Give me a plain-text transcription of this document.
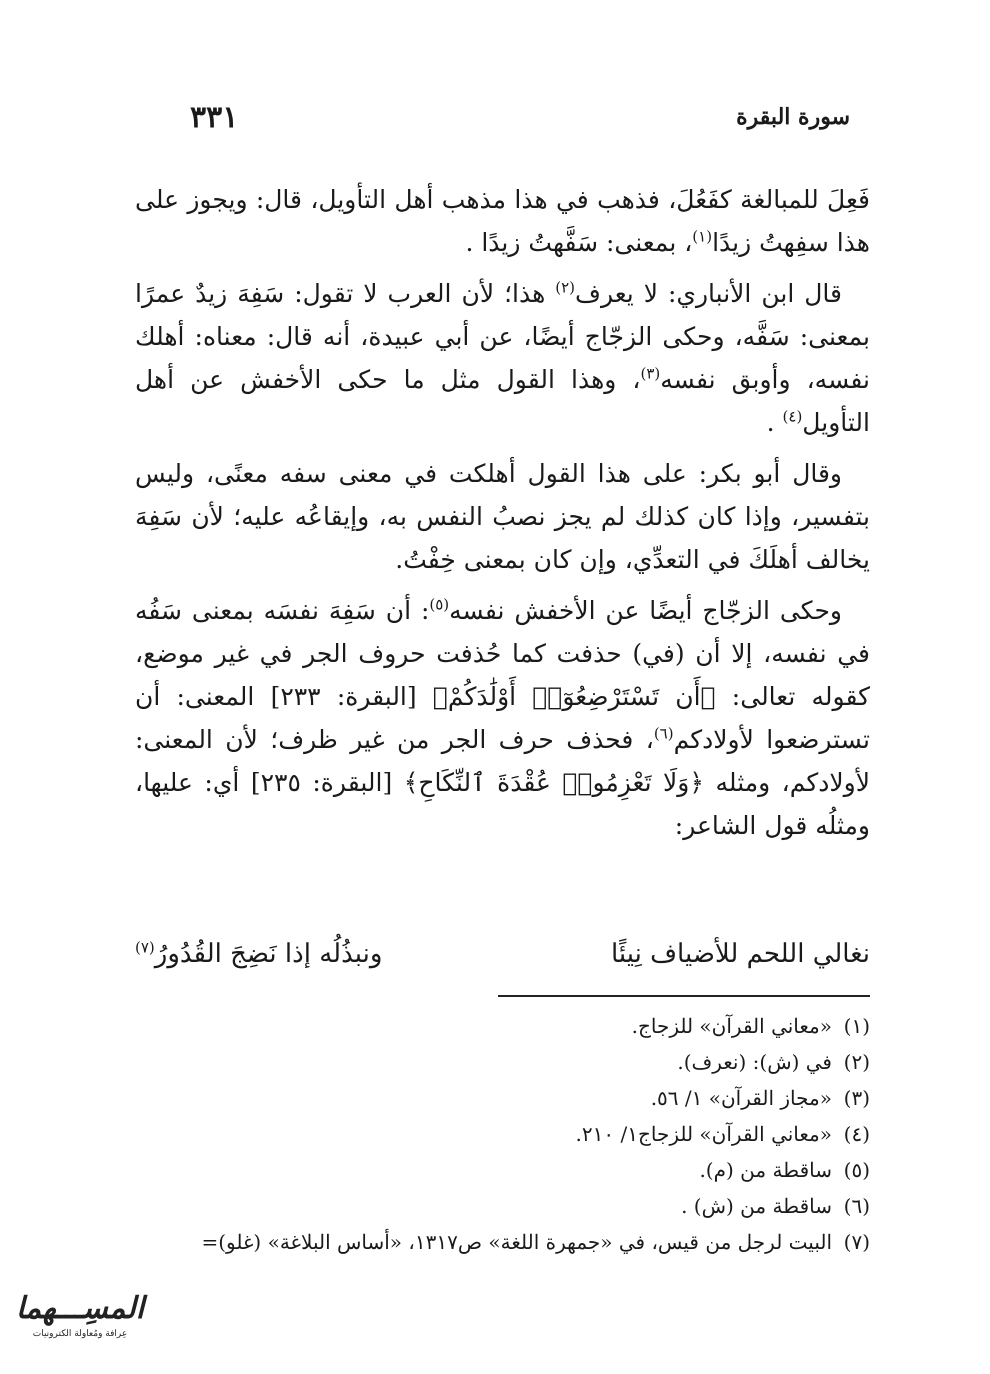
سورة البقرة
٣٣١

فَعِلَ للمبالغة كفَعُلَ، فذهب في هذا مذهب أهل التأويل، قال: ويجوز على هذا سفِهتُ زيدًا$^{(١)}$، بمعنى: سَفَّهتُ زيدًا .

قال ابن الأنباري: لا يعرف$^{(٢)}$ هذا؛ لأن العرب لا تقول: سَفِهَ زيدٌ عمرًا بمعنى: سَفَّه، وحكى الزجّاج أيضًا، عن أبي عبيدة، أنه قال: معناه: أهلك نفسه، وأوبق نفسه$^{(٣)}$، وهذا القول مثل ما حكى الأخفش عن أهل التأويل$^{(٤)}$ .

وقال أبو بكر: على هذا القول أهلكت في معنى سفه معنًى، وليس بتفسير، وإذا كان كذلك لم يجز نصبُ النفس به، وإيقاعُه عليه؛ لأن سَفِهَ يخالف أهلَكَ في التعدِّي، وإن كان بمعنى خِفْتُ.

وحكى الزجّاج أيضًا عن الأخفش نفسه$^{(٥)}$: أن سَفِهَ نفسَه بمعنى سَفُه في نفسه، إلا أن (في) حذفت كما حُذفت حروف الجر في غير موضع، كقوله تعالى: ﴿أَن تَسْتَرْضِعُوٓا۟ أَوْلَٰدَكُمْ﴾ [البقرة: ٢٣٣] المعنى: أن تسترضعوا لأولادكم$^{(٦)}$، فحذف حرف الجر من غير ظرف؛ لأن المعنى: لأولادكم، ومثله ﴿وَلَا تَعْزِمُوا۟ عُقْدَةَ ٱلنِّكَاحِ﴾ [البقرة: ٢٣٥] أي: عليها، ومثلُه قول الشاعر:

نغالي اللحم للأضياف نِيئًا
ونبذُلُه إذا نَضِجَ القُدُورُ$^{(٧)}$
(١)«معاني القرآن» للزجاج.
(٢)في (ش): (نعرف).
(٣)«مجاز القرآن» ١/ ٥٦.
(٤)«معاني القرآن» للزجاج١/ ٢١٠.
(٥)ساقطة من (م).
(٦)ساقطة من (ش) .
(٧)البيت لرجل من قيس، في «جمهرة اللغة» ص١٣١٧، «أساس البلاغة» (غلو)=
المسِـــهما
عِرافة ومُعاولة الكترونيات
